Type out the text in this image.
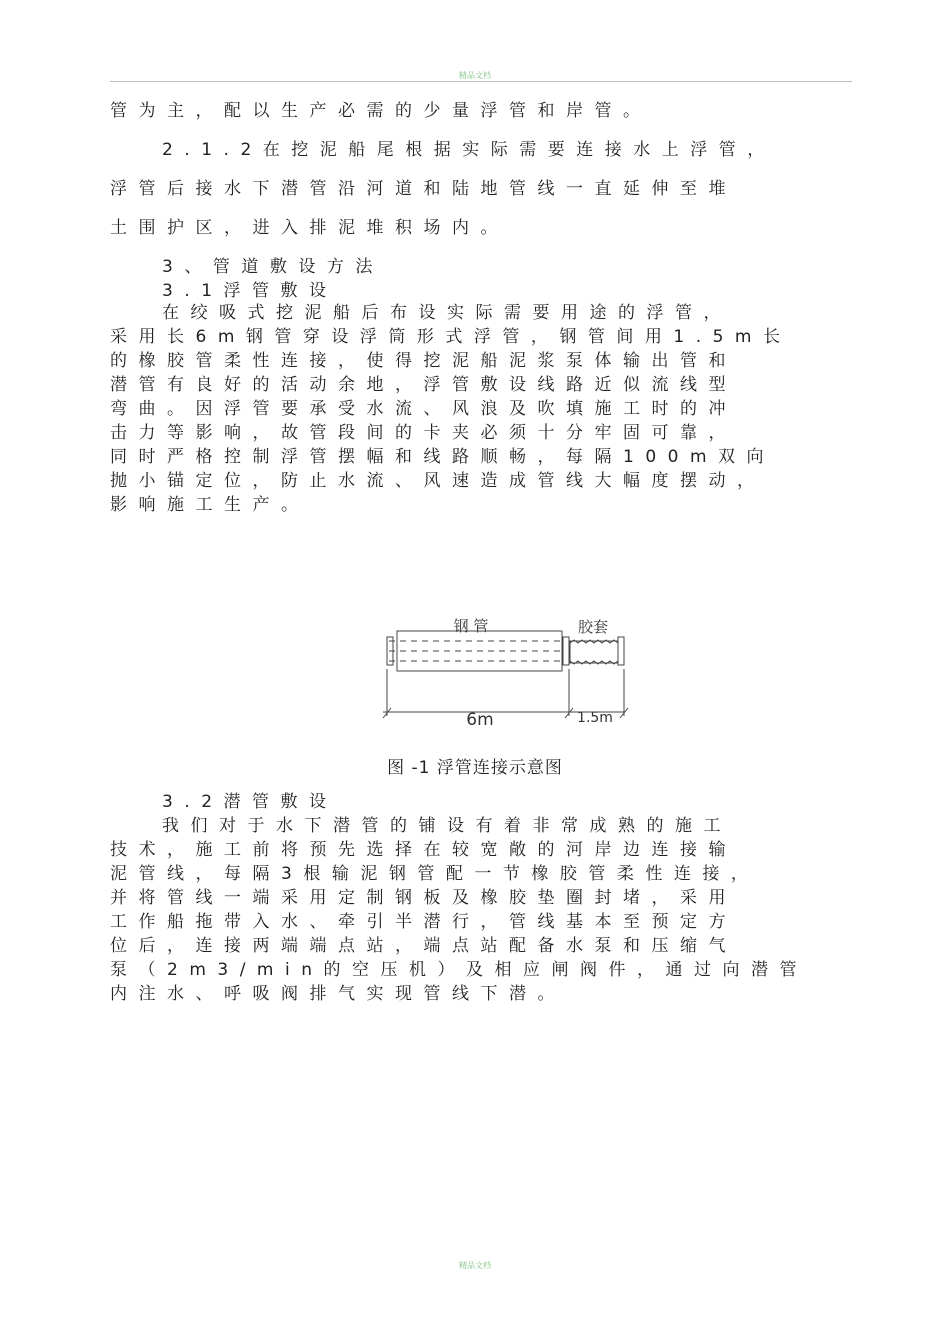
精品文档
管为主，配以生产必需的少量浮管和岸管。
2.1.2在挖泥船尾根据实际需要连接水上浮管，
浮管后接水下潜管沿河道和陆地管线一直延伸至堆
土围护区，进入排泥堆积场内。
3、管道敷设方法
3.1浮管敷设
在绞吸式挖泥船后布设实际需要用途的浮管，
采用长6m钢管穿设浮筒形式浮管，钢管间用1.5m长
的橡胶管柔性连接，使得挖泥船泥浆泵体输出管和
潜管有良好的活动余地，浮管敷设线路近似流线型
弯曲。因浮管要承受水流、风浪及吹填施工时的冲
击力等影响，故管段间的卡夹必须十分牢固可靠，
同时严格控制浮管摆幅和线路顺畅，每隔100m双向
抛小锚定位，防止水流、风速造成管线大幅度摆动，
影响施工生产。
钢 管	胶套
6m	1.5m
图 -1 浮管连接示意图
3.2潜管敷设
我们对于水下潜管的铺设有着非常成熟的施工
技术，施工前将预先选择在较宽敞的河岸边连接输
泥管线，每隔3根输泥钢管配一节橡胶管柔性连接，
并将管线一端采用定制钢板及橡胶垫圈封堵，采用
工作船拖带入水、牵引半潜行，管线基本至预定方
位后，连接两端端点站，端点站配备水泵和压缩气
泵（2m3/min的空压机）及相应闸阀件，通过向潜管
内注水、呼吸阀排气实现管线下潜。
精品文档
